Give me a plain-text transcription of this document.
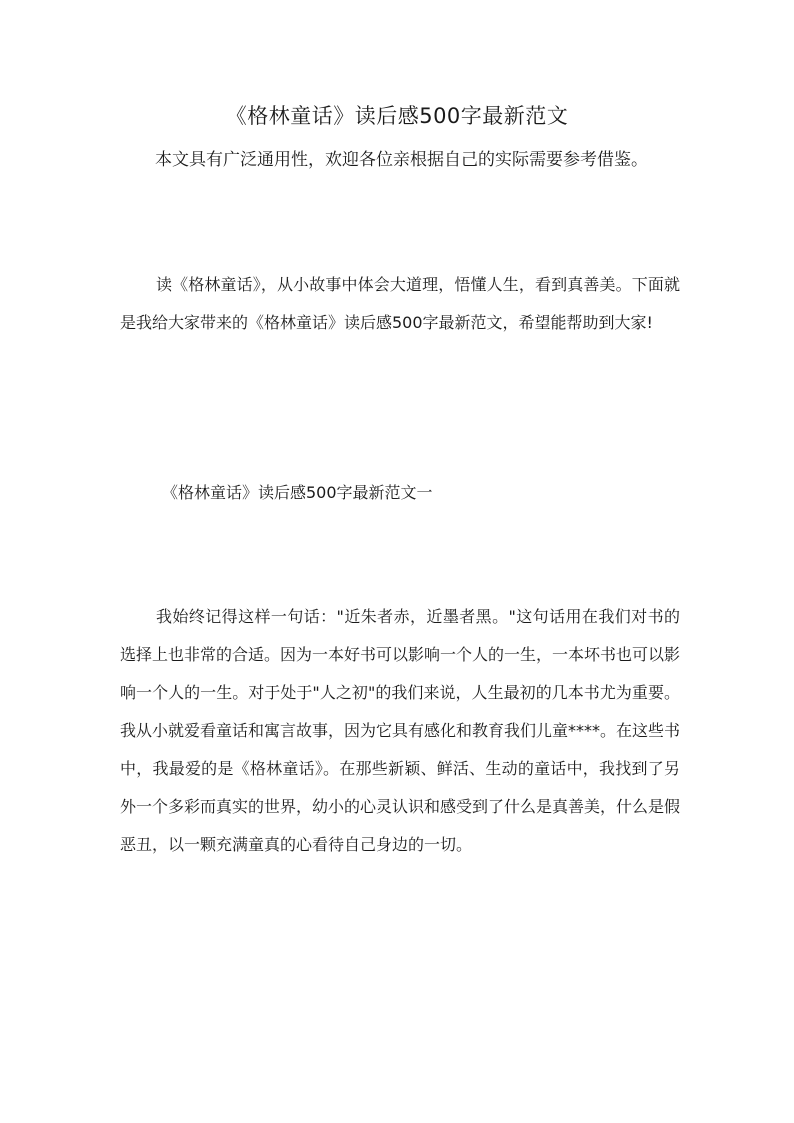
《格林童话》读后感500字最新范文
本文具有广泛通用性，欢迎各位亲根据自己的实际需要参考借鉴。

读《格林童话》，从小故事中体会大道理，悟懂人生，看到真善美。下面就是我给大家带来的《格林童话》读后感500字最新范文，希望能帮助到大家!

《格林童话》读后感500字最新范文一

我始终记得这样一句话："近朱者赤，近墨者黑。"这句话用在我们对书的选择上也非常的合适。因为一本好书可以影响一个人的一生，一本坏书也可以影响一个人的一生。对于处于"人之初"的我们来说，人生最初的几本书尤为重要。我从小就爱看童话和寓言故事，因为它具有感化和教育我们儿童****。在这些书中，我最爱的是《格林童话》。在那些新颖、鲜活、生动的童话中，我找到了另外一个多彩而真实的世界，幼小的心灵认识和感受到了什么是真善美，什么是假恶丑，以一颗充满童真的心看待自己身边的一切。
